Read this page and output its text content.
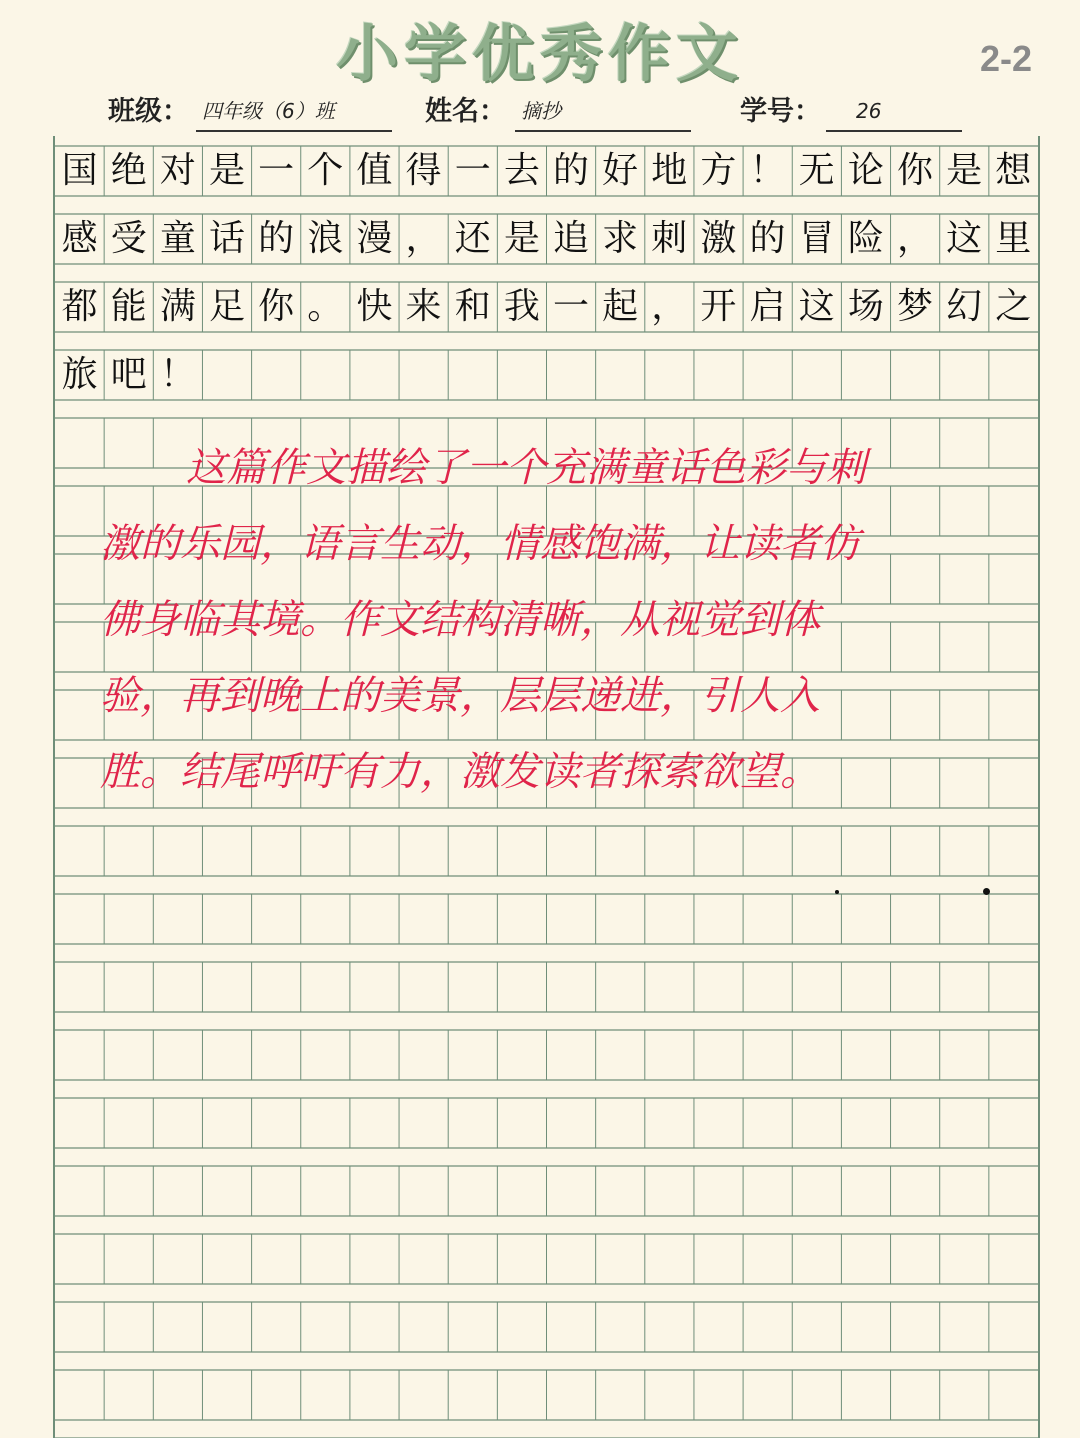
小学优秀作文	2-2
班级： 四年级（6）班	姓名： 摘抄	学号：	26
国 绝 对 是 一 个 值 得 一 去 的 好 地 方 ！ 无 论 你 是 想
感 受 童 话 的 浪 漫 ， 还 是 追 求 刺 激 的 冒 险 ， 这 里
都 能 满 足 你 。 快 来 和 我 一 起 ， 开 启 这 场 梦 幻 之
旅 吧 ！
这篇作文描绘了一个充满童话色彩与刺
激的乐园，语言生动，情感饱满，让读者仿
佛身临其境。作文结构清晰，从视觉到体
验，再到晚上的美景，层层递进，引人入
胜。结尾呼吁有力，激发读者探索欲望。
